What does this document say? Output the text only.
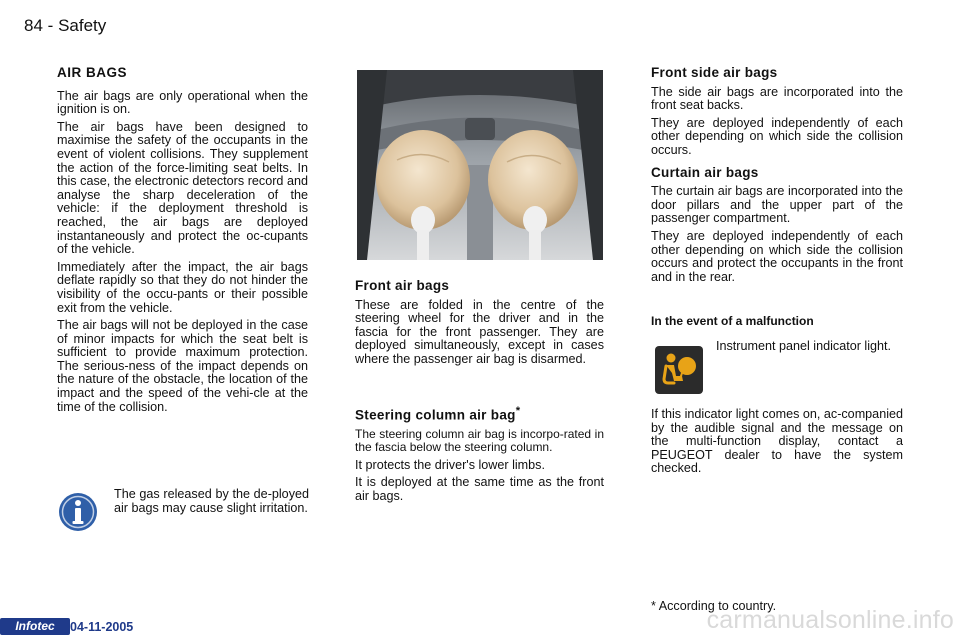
84 - Safety
AIR BAGS

The air bags are only operational when the ignition is on.

The air bags have been designed to maximise the safety of the occupants in the event of violent collisions. They supplement the action of the force-limiting seat belts. In this case, the electronic detectors record and analyse the sharp deceleration of the vehicle: if the deployment threshold is reached, the air bags are deployed instantaneously and protect the oc-cupants of the vehicle.

Immediately after the impact, the air bags deflate rapidly so that they do not hinder the visibility of the occu-pants or their possible exit from the vehicle.

The air bags will not be deployed in the case of minor impacts for which the seat belt is sufficient to provide maximum protection. The serious-ness of the impact depends on the nature of the obstacle, the location of the impact and the speed of the vehi-cle at the time of the collision.

The gas released by the de-ployed air bags may cause slight irritation.
Front air bags

These are folded in the centre of the steering wheel for the driver and in the fascia for the front passenger. They are deployed simultaneously, except in cases where the passenger air bag is disarmed.

Steering column air bag*

The steering column air bag is incorpo-rated in the fascia below the steering column.

It protects the driver's lower limbs.

It is deployed at the same time as the front air bags.

Front side air bags

The side air bags are incorporated into the front seat backs.

They are deployed independently of each other depending on which side the collision occurs.

Curtain air bags

The curtain air bags are incorporated into the door pillars and the upper part of the passenger compartment.

They are deployed independently of each other depending on which side the collision occurs and protect the occupants in the front and in the rear.

In the event of a malfunction
Instrument panel indicator light.
If this indicator light comes on, ac-companied by the audible signal and the message on the multi-function display, contact a PEUGEOT dealer to have the system checked.
* According to country.
Infotec	04-11-2005	carmanualsonline.info
